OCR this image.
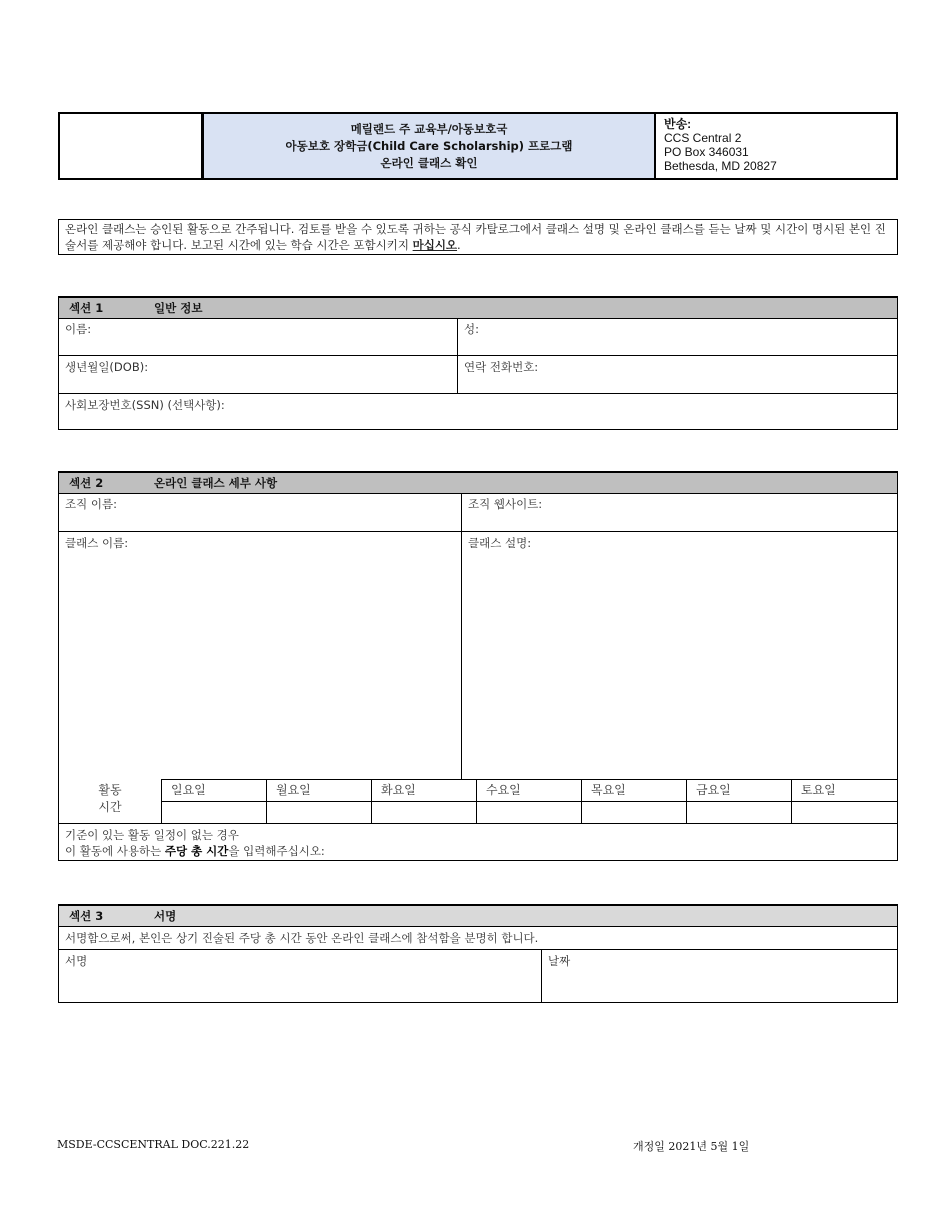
메릴랜드 주 교육부/아동보호국
아동보호 장학금(Child Care Scholarship) 프로그램
온라인 클래스 확인
반송:
CCS Central 2
PO Box 346031
Bethesda, MD 20827
온라인 클래스는 승인된 활동으로 간주됩니다. 검토를 받을 수 있도록 귀하는 공식 카탈로그에서 클래스 설명 및 온라인 클래스를 듣는 날짜 및 시간이 명시된 본인 진술서를 제공해야 합니다. 보고된 시간에 있는 학습 시간은 포함시키지 마십시오.
섹션 1	일반 정보
이름:	성:
생년월일(DOB):	연락 전화번호:
사회보장번호(SSN) (선택사항):
섹션 2	온라인 클래스 세부 사항
조직 이름:	조직 웹사이트:
클래스 이름:	클래스 설명:
활동
시간
일요일	월요일	화요일	수요일	목요일	금요일	토요일
기준이 있는 활동 일정이 없는 경우
이 활동에 사용하는 주당 총 시간을 입력해주십시오:
섹션 3	서명
서명함으로써, 본인은 상기 진술된 주당 총 시간 동안 온라인 클래스에 참석함을 분명히 합니다.
서명	날짜
MSDE-CCSCENTRAL DOC.221.22	개정일 2021년 5월 1일
